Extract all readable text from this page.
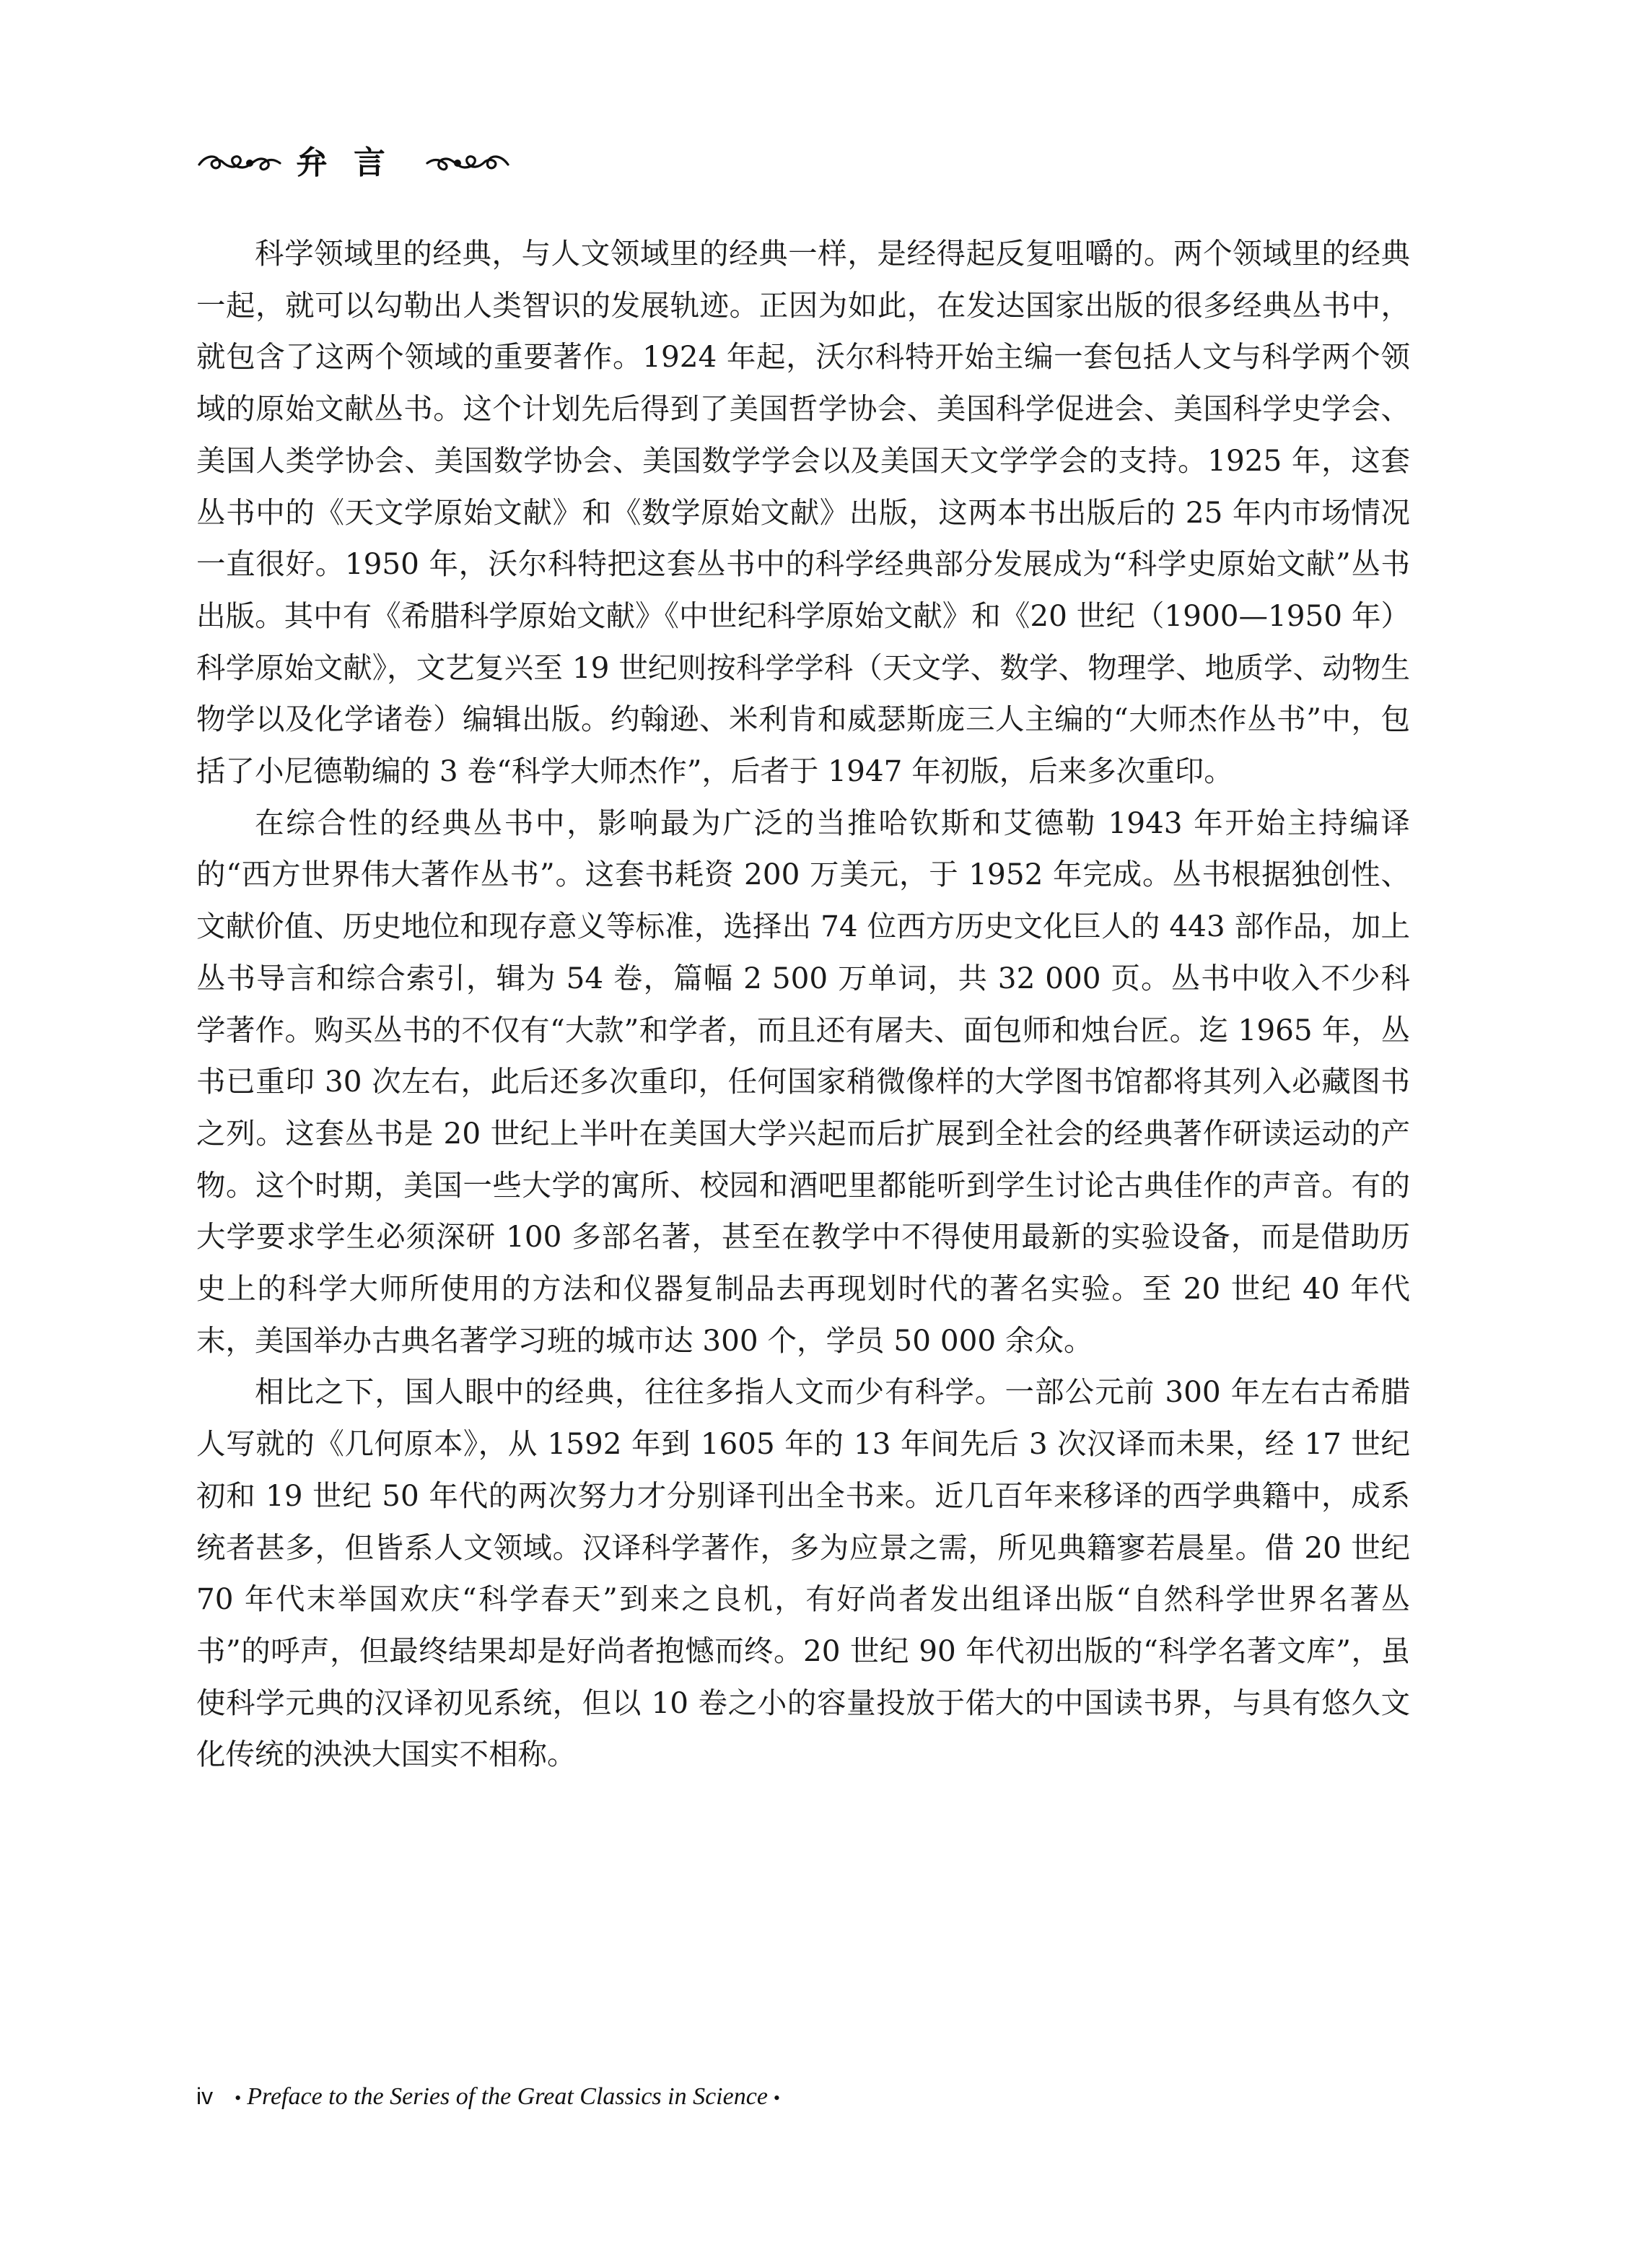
弁言

科学领域里的经典，与人文领域里的经典一样，是经得起反复咀嚼的。两个领域里的经典一起，就可以勾勒出人类智识的发展轨迹。正因为如此，在发达国家出版的很多经典丛书中，就包含了这两个领域的重要著作。1924 年起，沃尔科特开始主编一套包括人文与科学两个领域的原始文献丛书。这个计划先后得到了美国哲学协会、美国科学促进会、美国科学史学会、美国人类学协会、美国数学协会、美国数学学会以及美国天文学学会的支持。1925 年，这套丛书中的《天文学原始文献》和《数学原始文献》出版，这两本书出版后的 25 年内市场情况一直很好。1950 年，沃尔科特把这套丛书中的科学经典部分发展成为“科学史原始文献”丛书出版。其中有《希腊科学原始文献》《中世纪科学原始文献》和《20 世纪（1900—1950 年）科学原始文献》，文艺复兴至 19 世纪则按科学学科（天文学、数学、物理学、地质学、动物生物学以及化学诸卷）编辑出版。约翰逊、米利肯和威瑟斯庞三人主编的“大师杰作丛书”中，包括了小尼德勒编的 3 卷“科学大师杰作”，后者于 1947 年初版，后来多次重印。

在综合性的经典丛书中，影响最为广泛的当推哈钦斯和艾德勒 1943 年开始主持编译的“西方世界伟大著作丛书”。这套书耗资 200 万美元，于 1952 年完成。丛书根据独创性、文献价值、历史地位和现存意义等标准，选择出 74 位西方历史文化巨人的 443 部作品，加上丛书导言和综合索引，辑为 54 卷，篇幅 2 500 万单词，共 32 000 页。丛书中收入不少科学著作。购买丛书的不仅有“大款”和学者，而且还有屠夫、面包师和烛台匠。迄 1965 年，丛书已重印 30 次左右，此后还多次重印，任何国家稍微像样的大学图书馆都将其列入必藏图书之列。这套丛书是 20 世纪上半叶在美国大学兴起而后扩展到全社会的经典著作研读运动的产物。这个时期，美国一些大学的寓所、校园和酒吧里都能听到学生讨论古典佳作的声音。有的大学要求学生必须深研 100 多部名著，甚至在教学中不得使用最新的实验设备，而是借助历史上的科学大师所使用的方法和仪器复制品去再现划时代的著名实验。至 20 世纪 40 年代末，美国举办古典名著学习班的城市达 300 个，学员 50 000 余众。

相比之下，国人眼中的经典，往往多指人文而少有科学。一部公元前 300 年左右古希腊人写就的《几何原本》，从 1592 年到 1605 年的 13 年间先后 3 次汉译而未果，经 17 世纪初和 19 世纪 50 年代的两次努力才分别译刊出全书来。近几百年来移译的西学典籍中，成系统者甚多，但皆系人文领域。汉译科学著作，多为应景之需，所见典籍寥若晨星。借 20 世纪 70 年代末举国欢庆“科学春天”到来之良机，有好尚者发出组译出版“自然科学世界名著丛书”的呼声，但最终结果却是好尚者抱憾而终。20 世纪 90 年代初出版的“科学名著文库”，虽使科学元典的汉译初见系统，但以 10 卷之小的容量投放于偌大的中国读书界，与具有悠久文化传统的泱泱大国实不相称。

iv • Preface to the Series of the Great Classics in Science •
